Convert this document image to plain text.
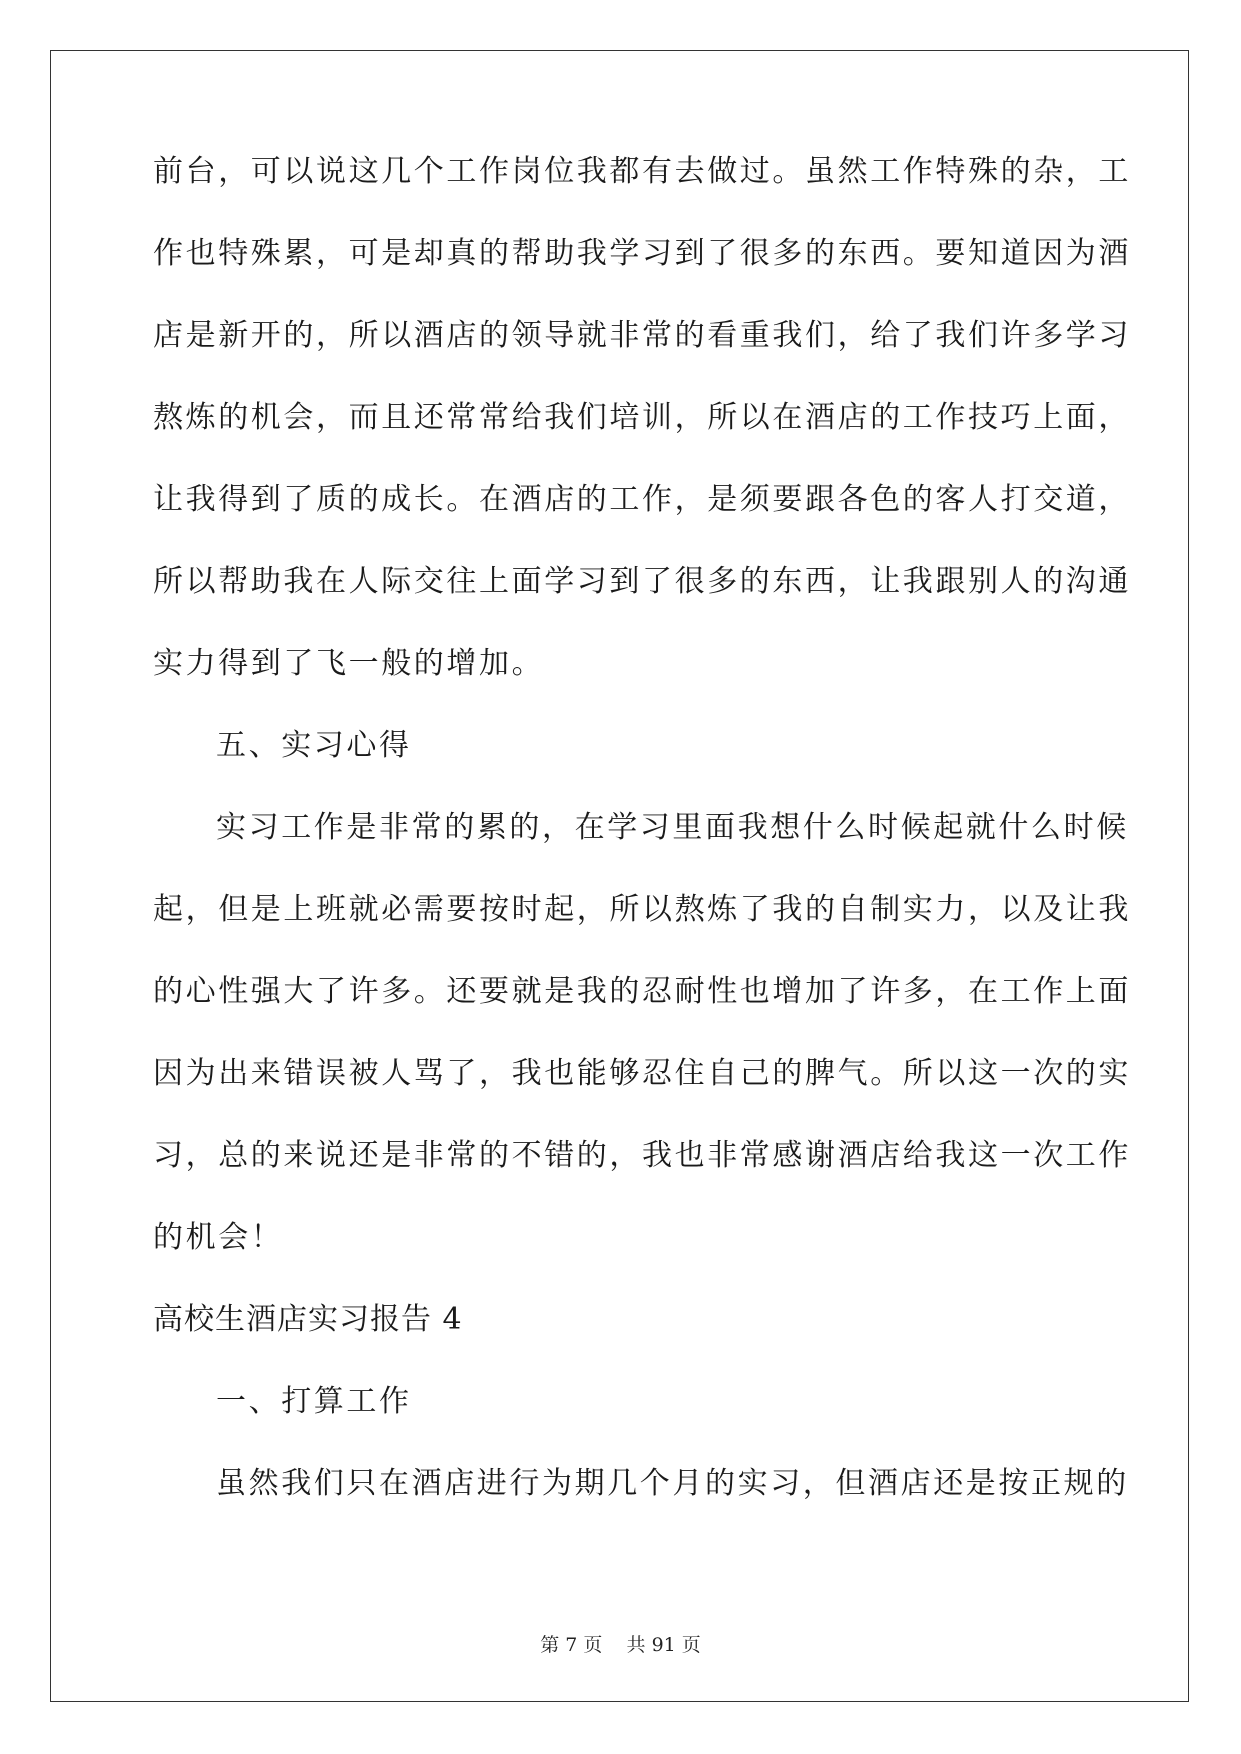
前台，可以说这几个工作岗位我都有去做过。虽然工作特殊的杂，工
作也特殊累，可是却真的帮助我学习到了很多的东西。要知道因为酒
店是新开的，所以酒店的领导就非常的看重我们，给了我们许多学习
熬炼的机会，而且还常常给我们培训，所以在酒店的工作技巧上面，
让我得到了质的成长。在酒店的工作，是须要跟各色的客人打交道，
所以帮助我在人际交往上面学习到了很多的东西，让我跟别人的沟通
实力得到了飞一般的增加。
五、实习心得
实习工作是非常的累的，在学习里面我想什么时候起就什么时候
起，但是上班就必需要按时起，所以熬炼了我的自制实力，以及让我
的心性强大了许多。还要就是我的忍耐性也增加了许多，在工作上面
因为出来错误被人骂了，我也能够忍住自己的脾气。所以这一次的实
习，总的来说还是非常的不错的，我也非常感谢酒店给我这一次工作
的机会！
高校生酒店实习报告 4
一、打算工作
虽然我们只在酒店进行为期几个月的实习，但酒店还是按正规的
第 7 页 共 91 页
